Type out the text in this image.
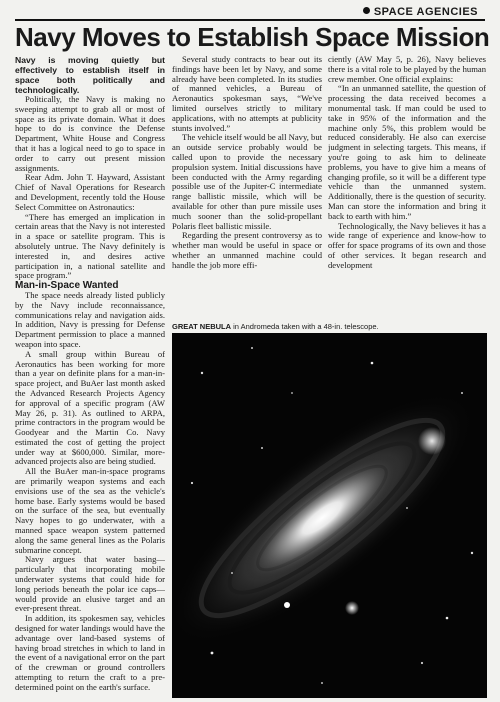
SPACE AGENCIES
Navy Moves to Establish Space Mission

Navy is moving quietly but effectively to establish itself in space both politically and technologically.

Politically, the Navy is making no sweeping attempt to grab all or most of space as its private domain. What it does hope to do is convince the Defense Department, White House and Congress that it has a logical need to go to space in order to carry out present mission assignments.

Rear Adm. John T. Hayward, Assistant Chief of Naval Operations for Research and Development, recently told the House Select Committee on Astronautics:

“There has emerged an implication in certain areas that the Navy is not interested in a space or satellite program. This is absolutely untrue. The Navy definitely is interested in, and desires active participation in, a national satellite and space program.”

Man-in-Space Wanted

The space needs already listed publicly by the Navy include reconnaissance, communications relay and navigation aids. In addition, Navy is pressing for Defense Department permission to place a manned weapon into space.

A small group within Bureau of Aeronautics has been working for more than a year on definite plans for a man-in-space project, and BuAer last month asked the Advanced Research Projects Agency for approval of a specific program (AW May 26, p. 31). As outlined to ARPA, prime contractors in the program would be Goodyear and the Martin Co. Navy estimated the cost of getting the project under way at $600,000. Similar, more-advanced projects also are being studied.

All the BuAer man-in-space programs are primarily weapon systems and each envisions use of the sea as the vehicle's home base. Early systems would be based on the surface of the sea, but eventually Navy hopes to go underwater, with a manned space weapon system patterned along the same general lines as the Polaris submarine concept.

Navy argues that water basing—particularly that incorporating mobile underwater systems that could hide for long periods beneath the polar ice caps—would provide an elusive target and an ever-present threat.

In addition, its spokesmen say, vehicles designed for water landings would have the advantage over land-based systems of having broad stretches in which to land in the event of a navigational error on the part of the crewman or ground controllers attempting to return the craft to a pre-determined point on the earth's surface.

Several study contracts to bear out its findings have been let by Navy, and some already have been completed. In its studies of manned vehicles, a Bureau of Aeronautics spokesman says, “We've limited ourselves strictly to military applications, with no attempts at publicity stunts involved.”

The vehicle itself would be all Navy, but an outside service probably would be called upon to provide the necessary propulsion system. Initial discussions have been conducted with the Army regarding possible use of the Jupiter-C intermediate range ballistic missile, which will be available for other than pure missile uses much sooner than the solid-propellant Polaris fleet ballistic missile.

Regarding the present controversy as to whether man would be useful in space or whether an unmanned machine could handle the job more effi-

ciently (AW May 5, p. 26), Navy believes there is a vital role to be played by the human crew member. One official explains:

“In an unmanned satellite, the question of processing the data received becomes a monumental task. If man could be used to take in 95% of the information and the machine only 5%, this problem would be reduced considerably. He also can exercise judgment in selecting targets. This means, if you're going to ask him to delineate problems, you have to give him a means of changing profile, so it will be a different type vehicle than the unmanned system. Additionally, there is the question of security. Man can store the information and bring it back to earth with him.”

Technologically, the Navy believes it has a wide range of experience and know-how to offer for space programs of its own and those of other services. It began research and development

GREAT NEBULA in Andromeda taken with a 48-in. telescope.
